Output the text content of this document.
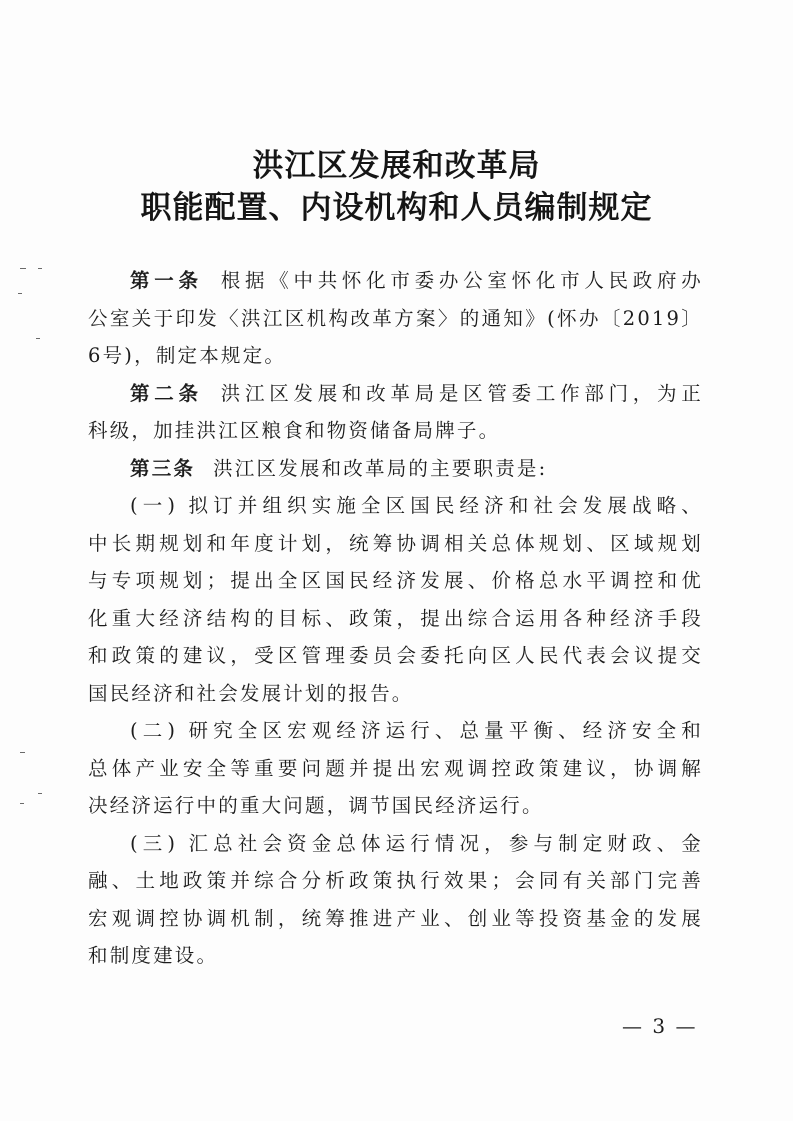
洪江区发展和改革局
职能配置、内设机构和人员编制规定
第一条 根据《中共怀化市委办公室怀化市人民政府办
公室关于印发〈洪江区机构改革方案〉的通知》(怀办〔2019〕
6号)，制定本规定。
第二条 洪江区发展和改革局是区管委工作部门，为正
科级，加挂洪江区粮食和物资储备局牌子。
第三条 洪江区发展和改革局的主要职责是:
(一) 拟订并组织实施全区国民经济和社会发展战略、
中长期规划和年度计划，统筹协调相关总体规划、区域规划
与专项规划；提出全区国民经济发展、价格总水平调控和优
化重大经济结构的目标、政策，提出综合运用各种经济手段
和政策的建议，受区管理委员会委托向区人民代表会议提交
国民经济和社会发展计划的报告。
(二) 研究全区宏观经济运行、总量平衡、经济安全和
总体产业安全等重要问题并提出宏观调控政策建议，协调解
决经济运行中的重大问题，调节国民经济运行。
(三) 汇总社会资金总体运行情况，参与制定财政、金
融、土地政策并综合分析政策执行效果；会同有关部门完善
宏观调控协调机制，统筹推进产业、创业等投资基金的发展
和制度建设。
— 3 —
